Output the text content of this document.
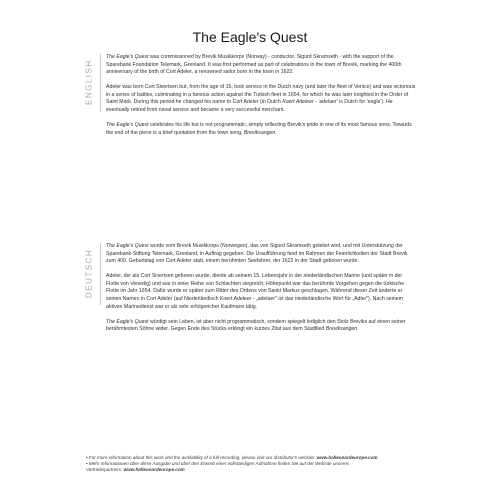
The Eagle's Quest
ENGLISH

The Eagle's Quest was commissioned by Brevik Musikkorps (Norway) - conductor, Sigurd Skramseth - with the support of the Sparebank Foundation Telemark, Grenland. It was first performed as part of celebrations in the town of Brevik, marking the 400th anniversary of the birth of Cort Adeler, a renowned sailor born in the town in 1622.

Adeler was born Cort Sivertsen but, from the age of 15, took service in the Dutch navy (and later the fleet of Venice) and was victorious in a series of battles, culminating in a famous action against the Turkish fleet in 1654, for which he was later knighted in the Order of Saint Mark. During this period he changed his name to Cort Adeler (in Dutch Koert Adeleer - 'adelaer' is Dutch for 'eagle'). He eventually retired from naval service and became a very successful merchant.

The Eagle's Quest celebrates his life but is not programmatic, simply reflecting Brevik's pride in one of its most famous sons. Towards the end of the piece is a brief quotation from the town song, Breviksangen.

DEUTSCH

The Eagle's Quest wurde vom Brevik Musikkorps (Norwegen), das von Sigurd Skramseth geleitet wird, und mit Unterstützung der Sparebank-Stiftung Telemark, Grenland, in Auftrag gegeben. Die Uraufführung fand im Rahmen der Feierlichkeiten der Stadt Brevik zum 400. Geburtstag von Cort Adeler statt, einem berühmten Seefahrer, der 1622 in der Stadt geboren wurde.

Adeler, der als Cort Sivertsen geboren wurde, diente ab seinem 15. Lebensjahr in der niederländischen Marine (und später in der Flotte von Venedig) und war in einer Reihe von Schlachten siegreich; Höhepunkt war das berühmte Vorgehen gegen die türkische Flotte im Jahr 1654. Dafür wurde er später zum Ritter des Ordens von Sankt Markus geschlagen. Während dieser Zeit änderte er seinen Namen in Cort Adeler (auf Niederländisch Koert Adeleer - „adelaer" ist das niederländische Wort für „Adler"). Nach seinem aktiven Marinedienst war er als sehr erfolgreicher Kaufmann tätig.

The Eagle's Quest würdigt sein Leben, ist aber nicht programmatisch, sondern spiegelt lediglich den Stolz Breviks auf einen seiner berühmtesten Söhne wider. Gegen Ende des Stücks erklingt ein kurzes Zitat aus dem Stadtlied Breviksangen.

• For more information about this work and the availability of a full recording, please visit our distributor's website: www.halleonardeurope.com
• Mehr Informationen über diese Ausgabe und über den Erwerb einer vollständigen Aufnahme finden Sie auf der Website unseres
Vertriebspartners: www.halleonardeurope.com
